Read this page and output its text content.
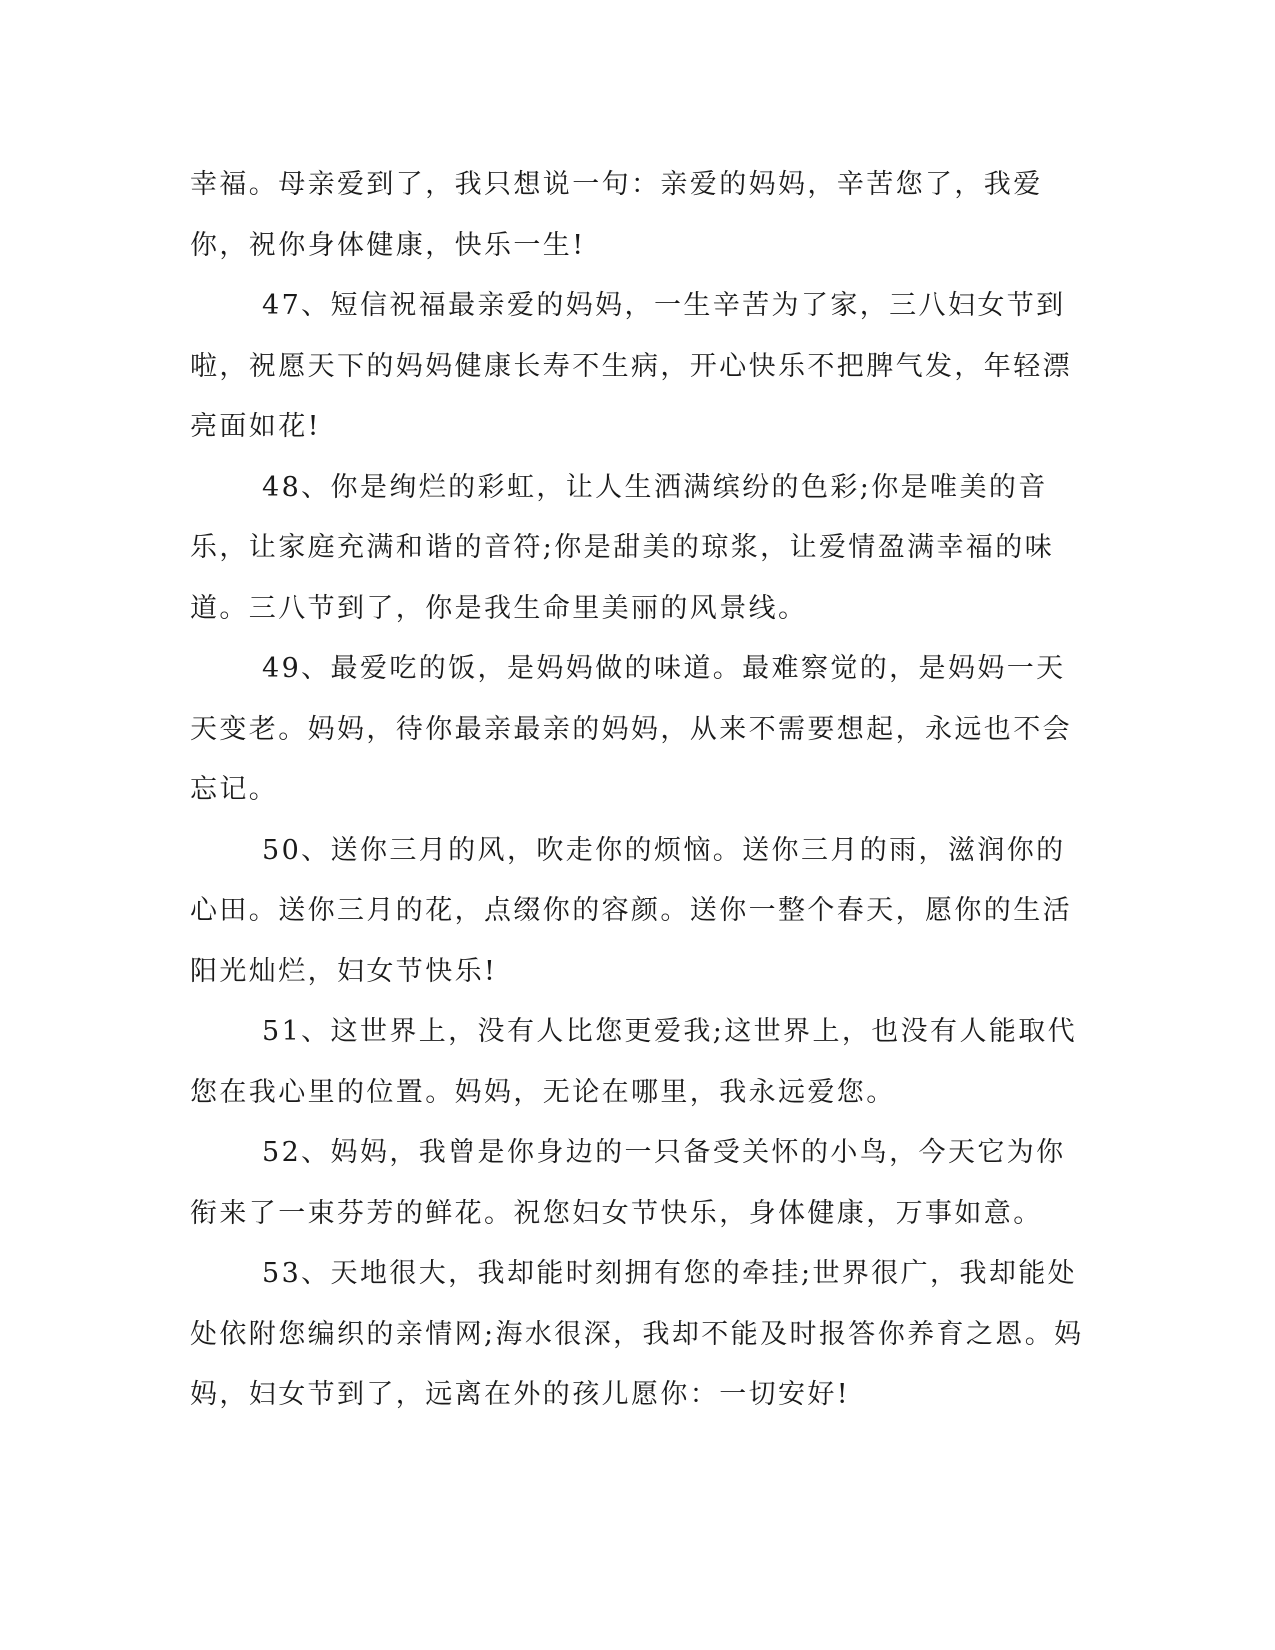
幸福。母亲爱到了，我只想说一句：亲爱的妈妈，辛苦您了，我爱你，祝你身体健康，快乐一生!

47、短信祝福最亲爱的妈妈，一生辛苦为了家，三八妇女节到啦，祝愿天下的妈妈健康长寿不生病，开心快乐不把脾气发，年轻漂亮面如花!

48、你是绚烂的彩虹，让人生洒满缤纷的色彩;你是唯美的音乐，让家庭充满和谐的音符;你是甜美的琼浆，让爱情盈满幸福的味道。三八节到了，你是我生命里美丽的风景线。

49、最爱吃的饭，是妈妈做的味道。最难察觉的，是妈妈一天天变老。妈妈，待你最亲最亲的妈妈，从来不需要想起，永远也不会忘记。

50、送你三月的风，吹走你的烦恼。送你三月的雨，滋润你的心田。送你三月的花，点缀你的容颜。送你一整个春天，愿你的生活阳光灿烂，妇女节快乐!

51、这世界上，没有人比您更爱我;这世界上，也没有人能取代您在我心里的位置。妈妈，无论在哪里，我永远爱您。

52、妈妈，我曾是你身边的一只备受关怀的小鸟，今天它为你衔来了一束芬芳的鲜花。祝您妇女节快乐，身体健康，万事如意。

53、天地很大，我却能时刻拥有您的牵挂;世界很广，我却能处处依附您编织的亲情网;海水很深，我却不能及时报答你养育之恩。妈妈，妇女节到了，远离在外的孩儿愿你：一切安好!
